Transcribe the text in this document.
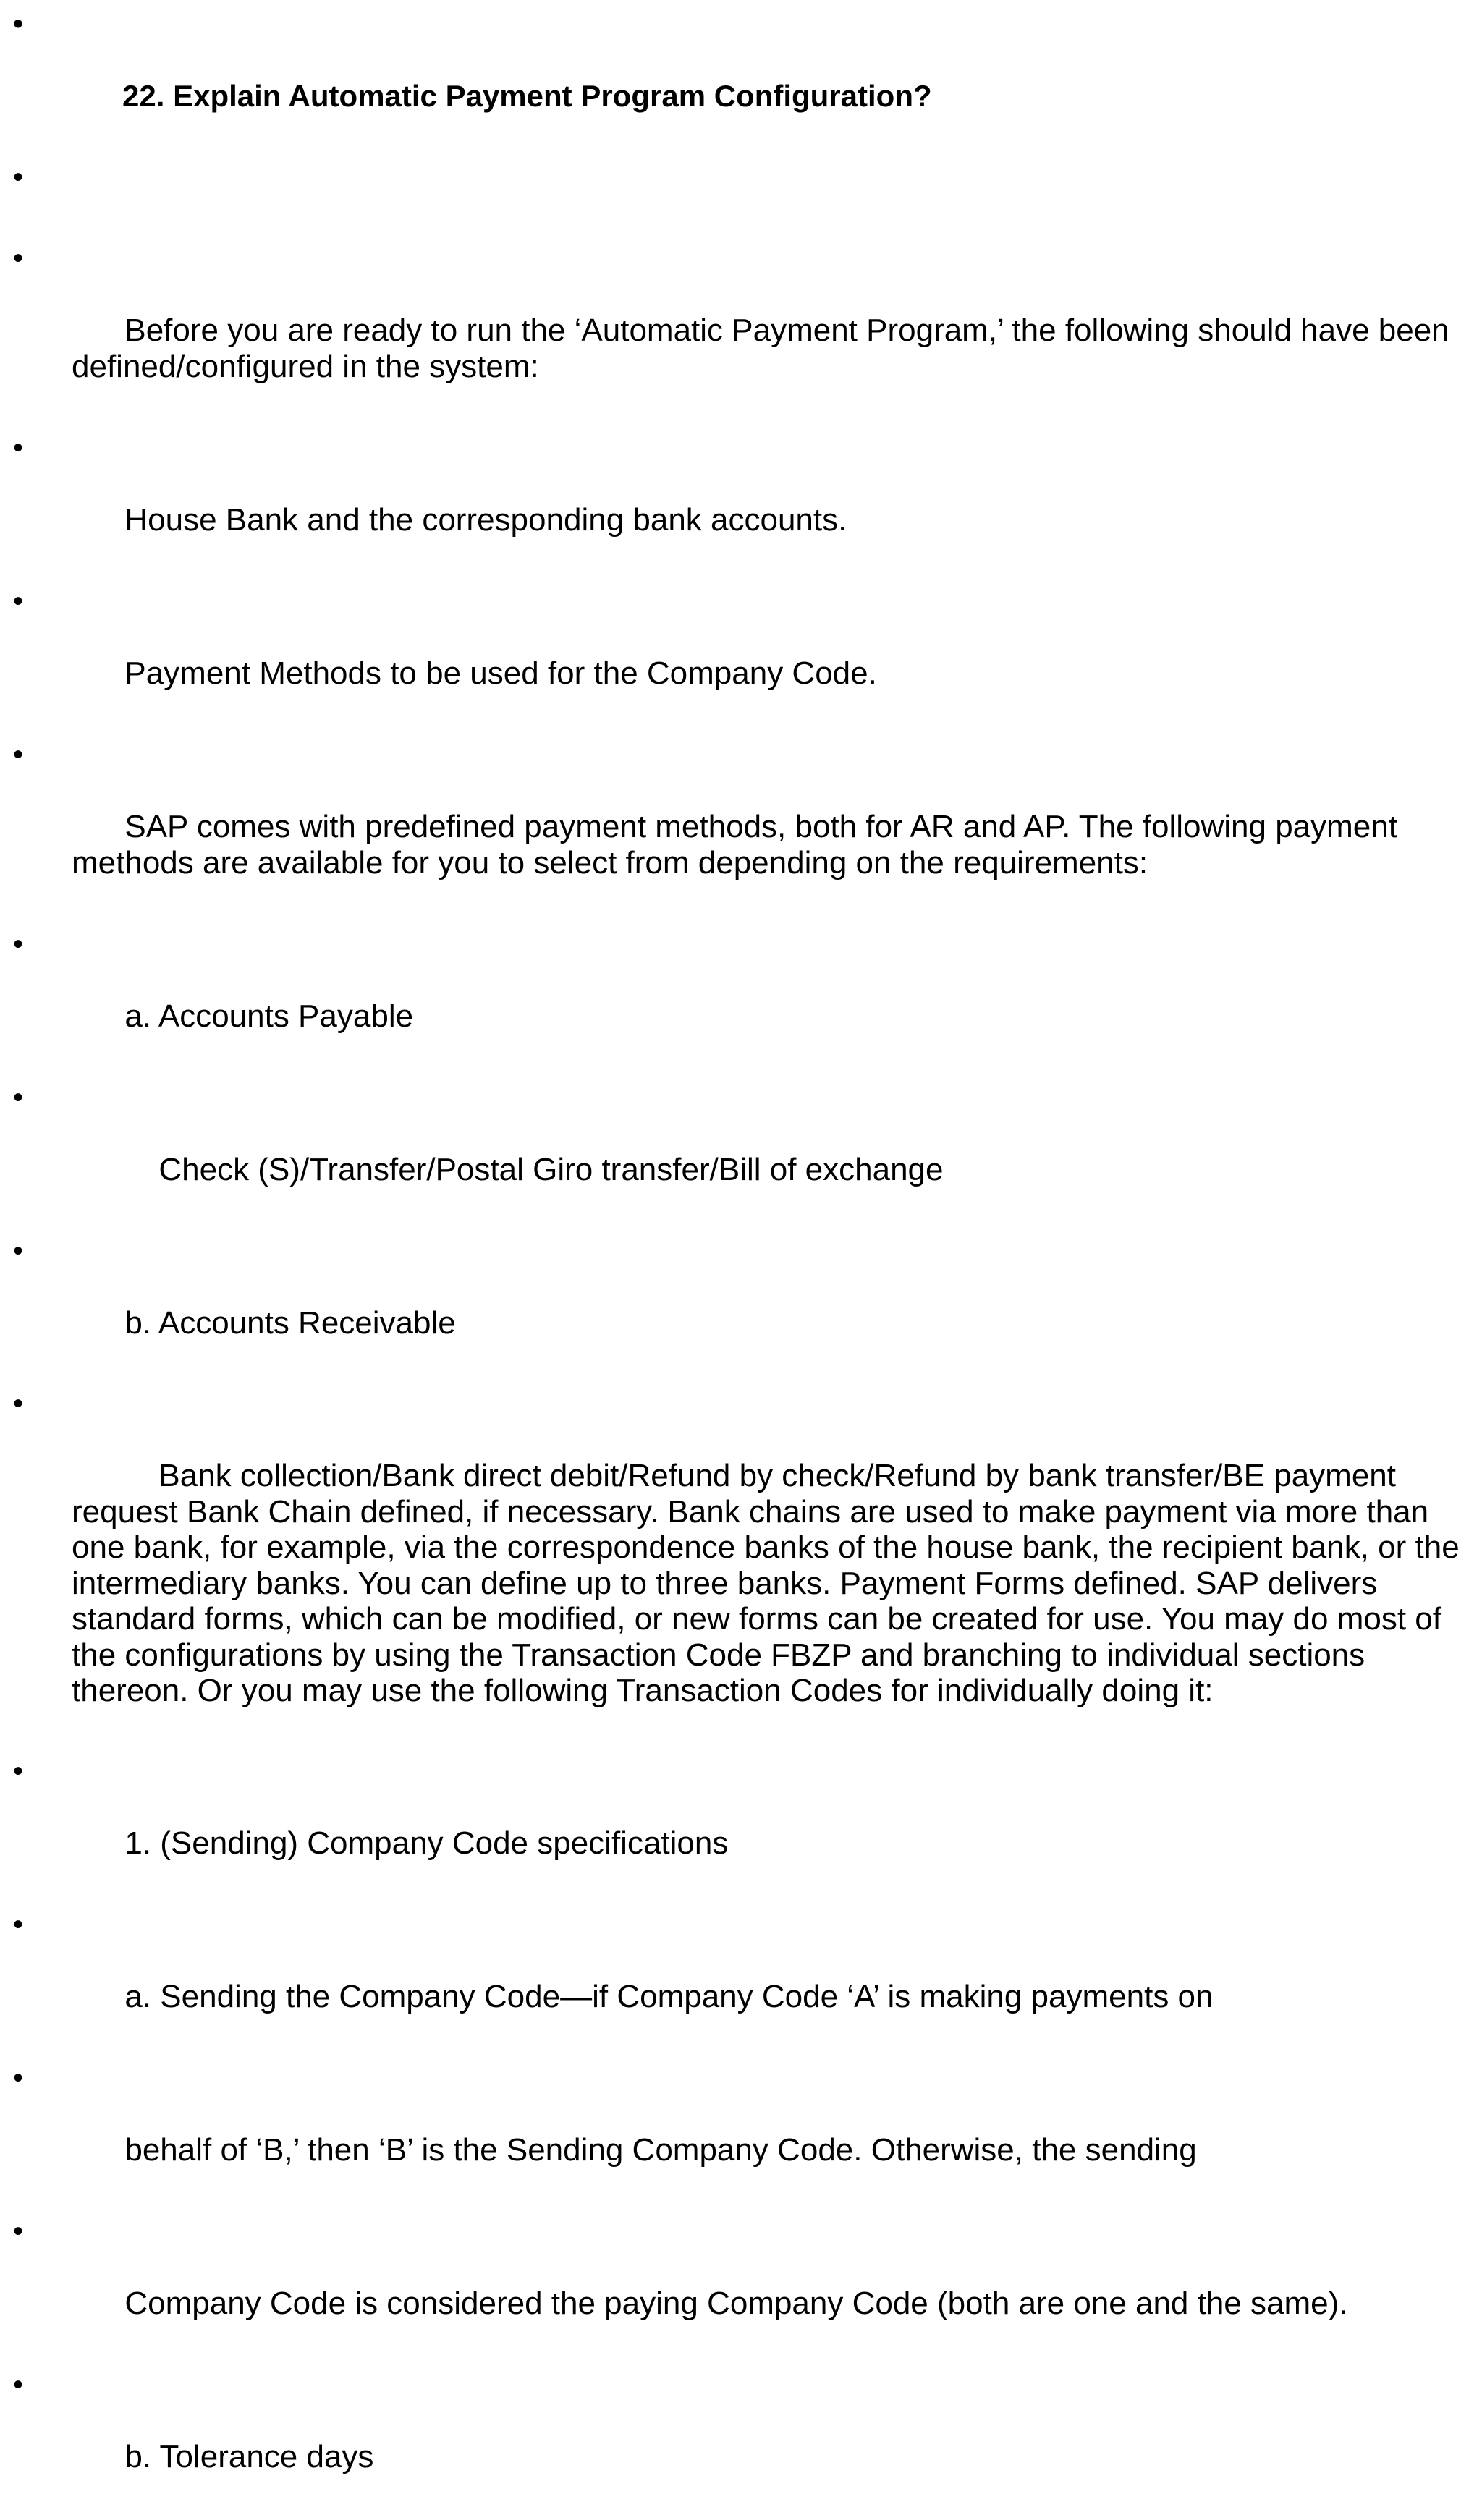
•

22. Explain Automatic Payment Program Configuration?

•

•

Before you are ready to run the ‘Automatic Payment Program,’ the following should have been defined/configured in the system:

•

House Bank and the corresponding bank accounts.

•

Payment Methods to be used for the Company Code.

•

SAP comes with predefined payment methods, both for AR and AP. The following payment methods are available for you to select from depending on the requirements:

•

a. Accounts Payable

•

Check (S)/Transfer/Postal Giro transfer/Bill of exchange

•

b. Accounts Receivable

•

Bank collection/Bank direct debit/Refund by check/Refund by bank transfer/BE payment request Bank Chain defined, if necessary. Bank chains are used to make payment via more than one bank, for example, via the correspondence banks of the house bank, the recipient bank, or the intermediary banks. You can define up to three banks. Payment Forms defined. SAP delivers standard forms, which can be modified, or new forms can be created for use. You may do most of the configurations by using the Transaction Code FBZP and branching to individual sections thereon. Or you may use the following Transaction Codes for individually doing it:

•

1. (Sending) Company Code specifications

•

a. Sending the Company Code—if Company Code ‘A’ is making payments on

•

behalf of ‘B,’ then ‘B’ is the Sending Company Code. Otherwise, the sending

•

Company Code is considered the paying Company Code (both are one and the same).

•

b. Tolerance days
